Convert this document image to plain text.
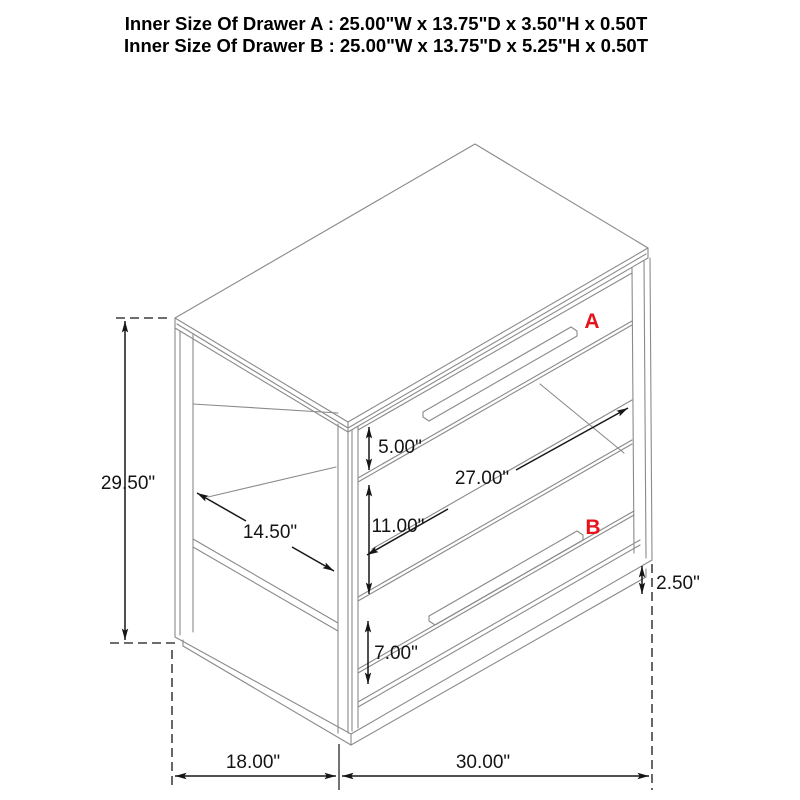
Inner Size Of Drawer A : 25.00"W x 13.75"D x 3.50"H x 0.50T
Inner Size Of Drawer B : 25.00"W x 13.75"D x 5.25"H x 0.50T
29.50"
14.50"
5.00"
11.00"
27.00"
2.50"
7.00"
18.00"	30.00"
A
B
